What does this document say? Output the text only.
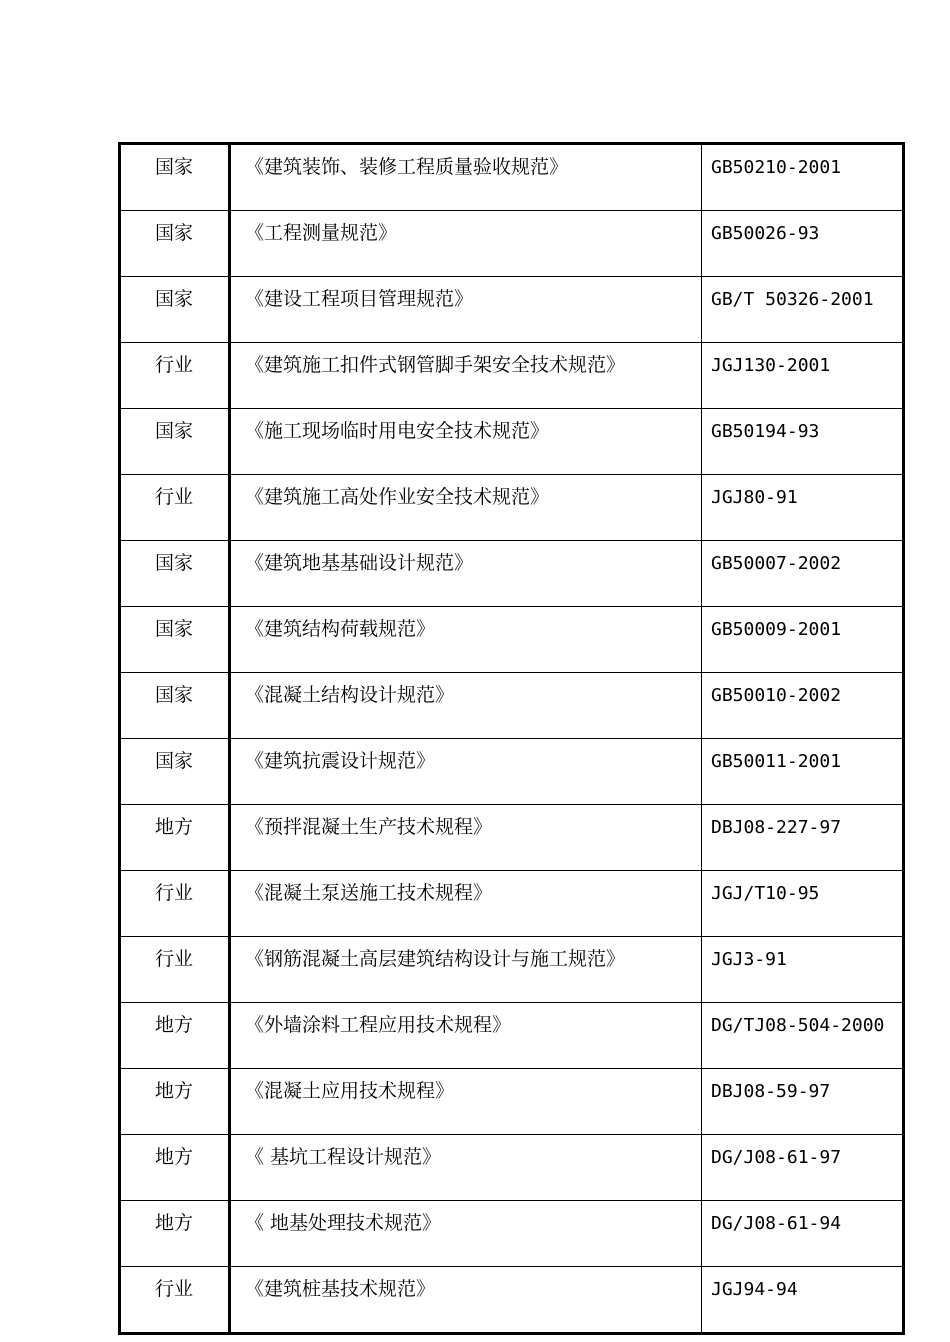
国家	《建筑装饰、装修工程质量验收规范》	GB50210-2001
国家	《工程测量规范》	GB50026-93
国家	《建设工程项目管理规范》	GB/T 50326-2001
行业	《建筑施工扣件式钢管脚手架安全技术规范》	JGJ130-2001
国家	《施工现场临时用电安全技术规范》	GB50194-93
行业	《建筑施工高处作业安全技术规范》	JGJ80-91
国家	《建筑地基基础设计规范》	GB50007-2002
国家	《建筑结构荷载规范》	GB50009-2001
国家	《混凝土结构设计规范》	GB50010-2002
国家	《建筑抗震设计规范》	GB50011-2001
地方	《预拌混凝土生产技术规程》	DBJ08-227-97
行业	《混凝土泵送施工技术规程》	JGJ/T10-95
行业	《钢筋混凝土高层建筑结构设计与施工规范》	JGJ3-91
地方	《外墙涂料工程应用技术规程》	DG/TJ08-504-2000
地方	《混凝土应用技术规程》	DBJ08-59-97
地方	《 基坑工程设计规范》	DG/J08-61-97
地方	《 地基处理技术规范》	DG/J08-61-94
行业	《建筑桩基技术规范》	JGJ94-94
